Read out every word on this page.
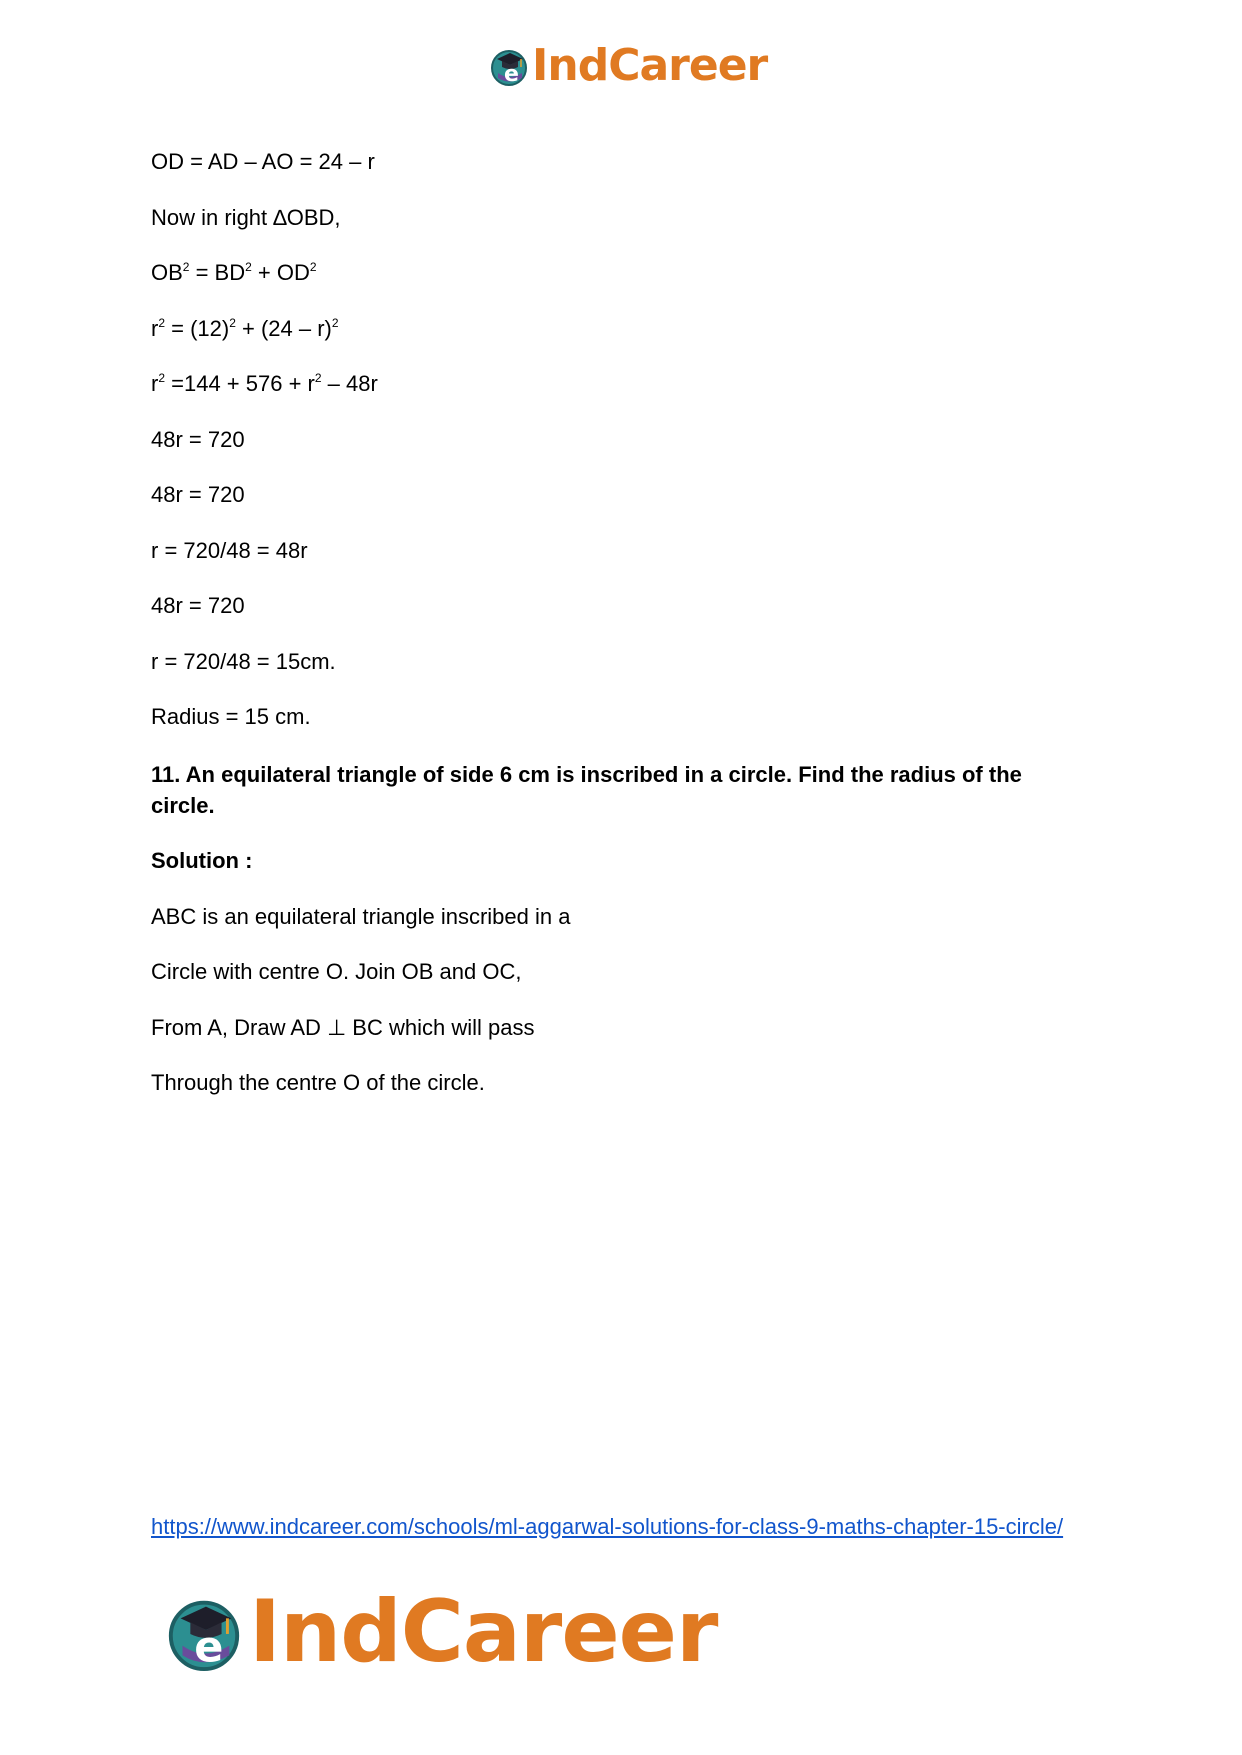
e IndCareer

OD = AD – AO = 24 – r

Now in right ∆OBD,

$OB^2 = BD^2 + OD^2$

$r^2 = (12)^2 + (24 - r)^2$

$r^2 =144 + 576 + r^2 - 48r$

48r = 720

48r = 720

r = 720/48 = 48r

48r = 720

r = 720/48 = 15cm.

Radius = 15 cm.

11. An equilateral triangle of side 6 cm is inscribed in a circle. Find the radius of the circle.

Solution :

ABC is an equilateral triangle inscribed in a

Circle with centre O. Join OB and OC,

From A, Draw AD ⊥ BC which will pass

Through the centre O of the circle.

https://www.indcareer.com/schools/ml-aggarwal-solutions-for-class-9-maths-chapter-15-circle/
e IndCareer
